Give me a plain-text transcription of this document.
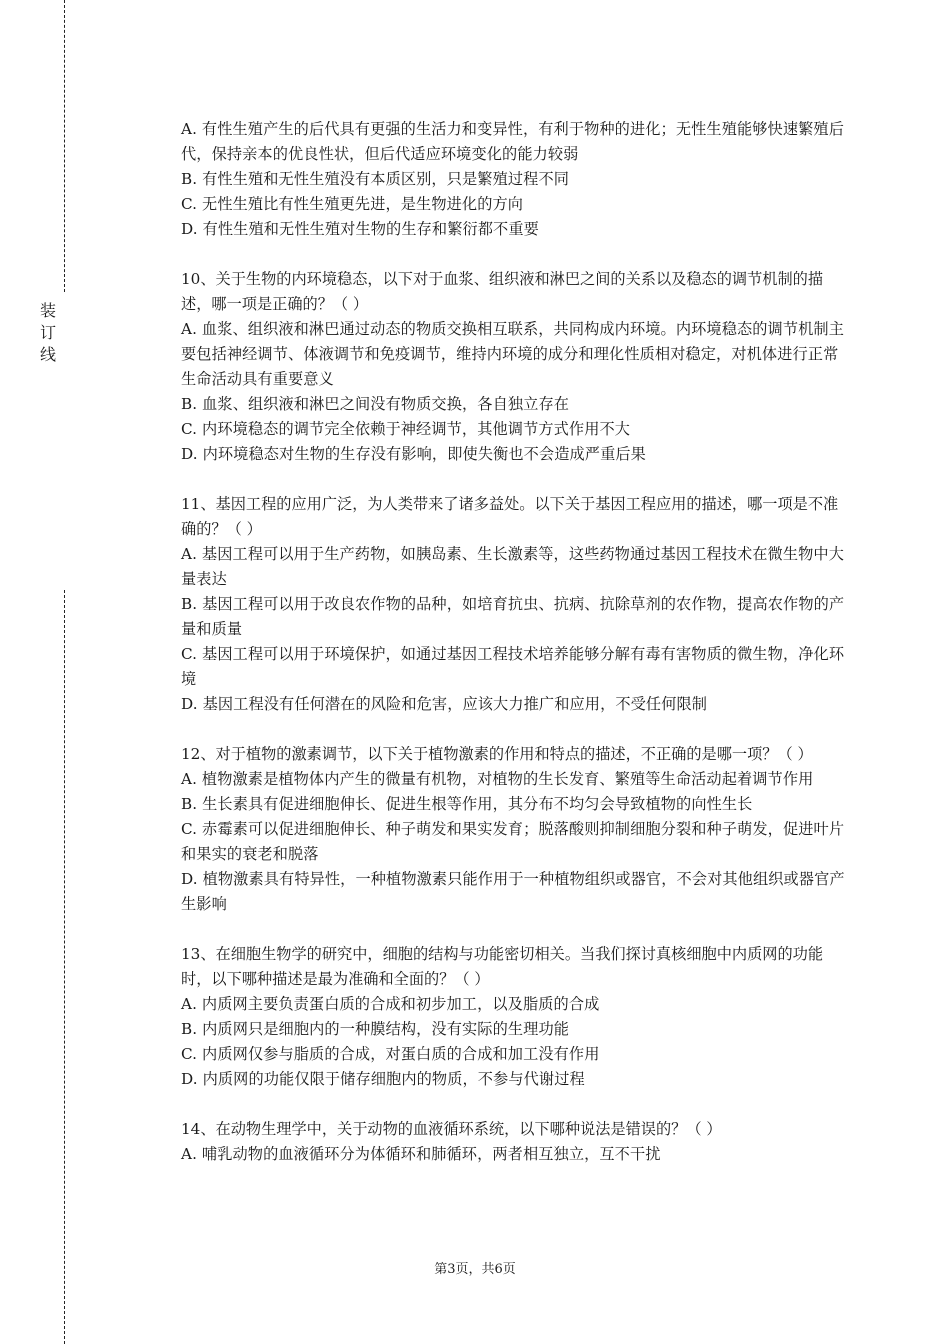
装
订
线

A. 有性生殖产生的后代具有更强的生活力和变异性，有利于物种的进化；无性生殖能够快速繁殖后代，保持亲本的优良性状，但后代适应环境变化的能力较弱

B. 有性生殖和无性生殖没有本质区别，只是繁殖过程不同

C. 无性生殖比有性生殖更先进，是生物进化的方向

D. 有性生殖和无性生殖对生物的生存和繁衍都不重要

10、关于生物的内环境稳态，以下对于血浆、组织液和淋巴之间的关系以及稳态的调节机制的描述，哪一项是正确的？（ ）

A. 血浆、组织液和淋巴通过动态的物质交换相互联系，共同构成内环境。内环境稳态的调节机制主要包括神经调节、体液调节和免疫调节，维持内环境的成分和理化性质相对稳定，对机体进行正常生命活动具有重要意义

B. 血浆、组织液和淋巴之间没有物质交换，各自独立存在

C. 内环境稳态的调节完全依赖于神经调节，其他调节方式作用不大

D. 内环境稳态对生物的生存没有影响，即使失衡也不会造成严重后果

11、基因工程的应用广泛，为人类带来了诸多益处。以下关于基因工程应用的描述，哪一项是不准确的？（ ）

A. 基因工程可以用于生产药物，如胰岛素、生长激素等，这些药物通过基因工程技术在微生物中大量表达

B. 基因工程可以用于改良农作物的品种，如培育抗虫、抗病、抗除草剂的农作物，提高农作物的产量和质量

C. 基因工程可以用于环境保护，如通过基因工程技术培养能够分解有毒有害物质的微生物，净化环境

D. 基因工程没有任何潜在的风险和危害，应该大力推广和应用，不受任何限制

12、对于植物的激素调节，以下关于植物激素的作用和特点的描述，不正确的是哪一项？（ ）

A. 植物激素是植物体内产生的微量有机物，对植物的生长发育、繁殖等生命活动起着调节作用

B. 生长素具有促进细胞伸长、促进生根等作用，其分布不均匀会导致植物的向性生长

C. 赤霉素可以促进细胞伸长、种子萌发和果实发育；脱落酸则抑制细胞分裂和种子萌发，促进叶片和果实的衰老和脱落

D. 植物激素具有特异性，一种植物激素只能作用于一种植物组织或器官，不会对其他组织或器官产生影响

13、在细胞生物学的研究中，细胞的结构与功能密切相关。当我们探讨真核细胞中内质网的功能时，以下哪种描述是最为准确和全面的？（ ）

A. 内质网主要负责蛋白质的合成和初步加工，以及脂质的合成

B. 内质网只是细胞内的一种膜结构，没有实际的生理功能

C. 内质网仅参与脂质的合成，对蛋白质的合成和加工没有作用

D. 内质网的功能仅限于储存细胞内的物质，不参与代谢过程

14、在动物生理学中，关于动物的血液循环系统，以下哪种说法是错误的？（ ）

A. 哺乳动物的血液循环分为体循环和肺循环，两者相互独立，互不干扰

第3页，共6页
